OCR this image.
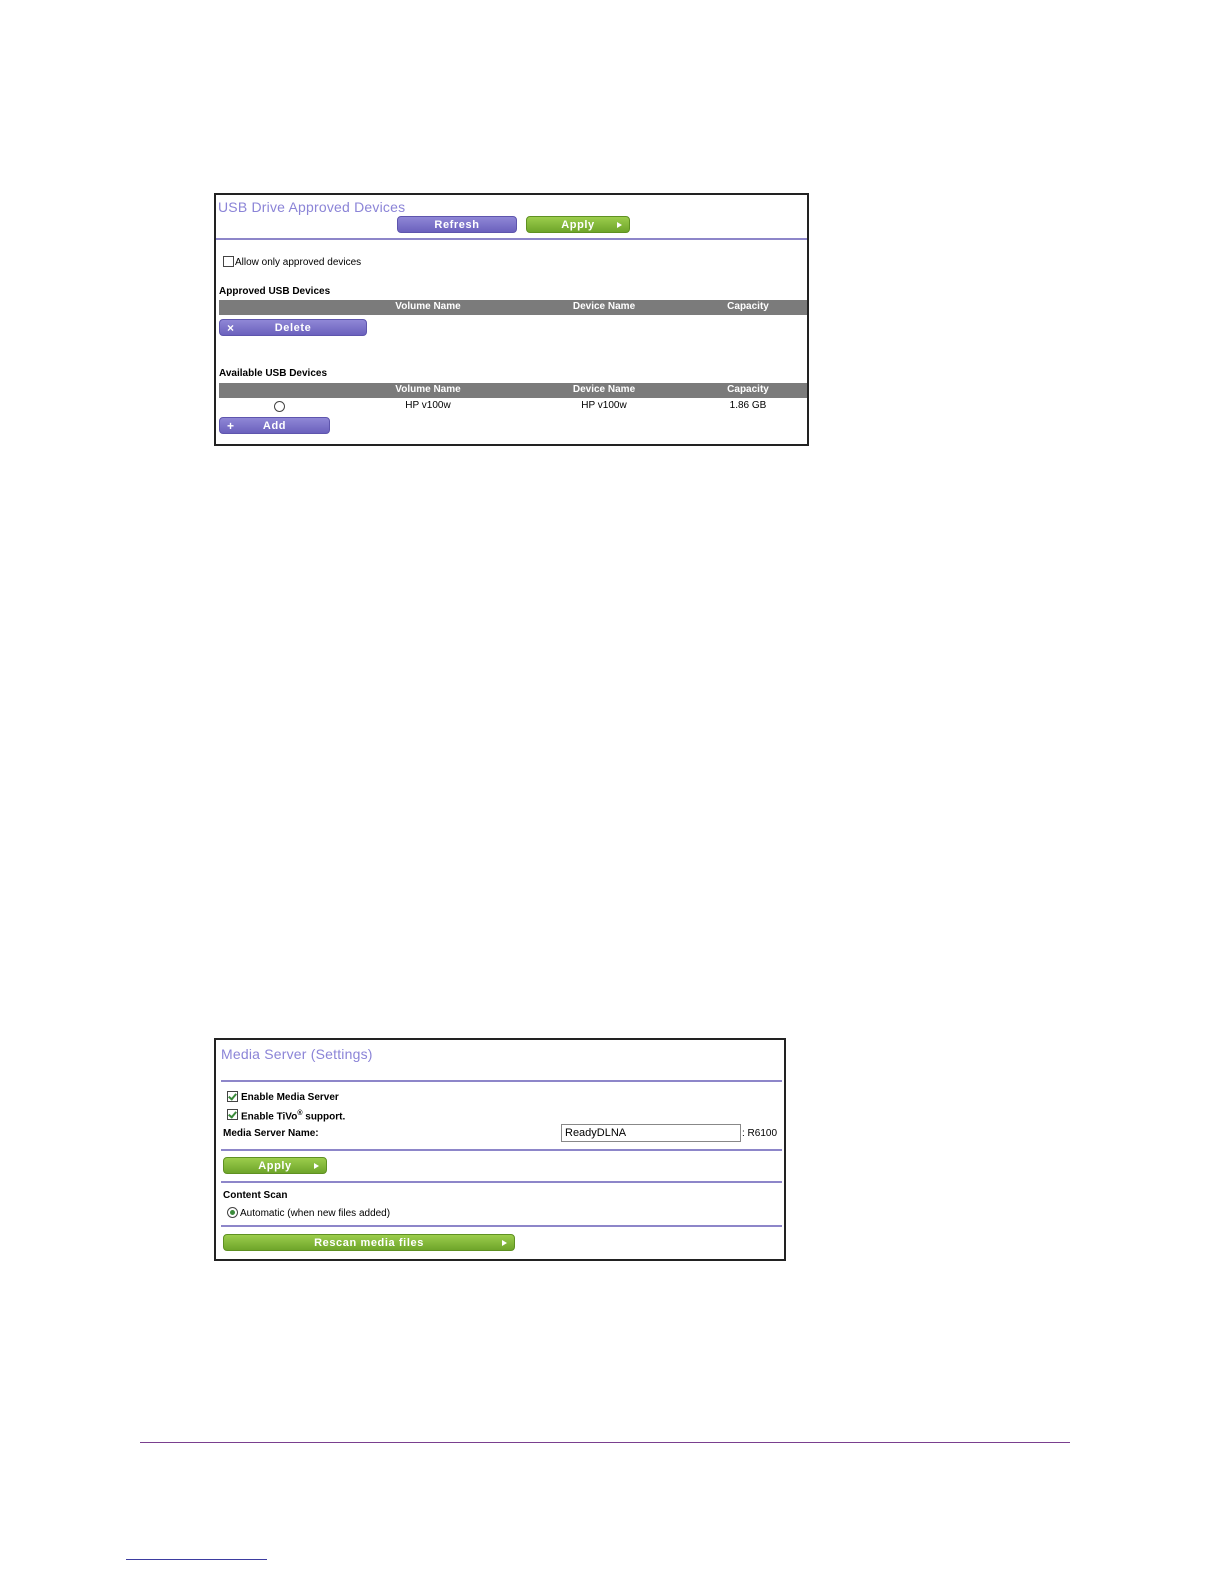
USB Drive Approved Devices
Refresh	Apply
Allow only approved devices
Approved USB Devices
Volume Name	Device Name	Capacity
×	Delete
Available USB Devices
Volume Name	Device Name	Capacity
HP v100w	HP v100w	1.86 GB
+	Add
Media Server (Settings)
Enable Media Server
Enable TiVo® support.
Media Server Name:
ReadyDLNA	: R6100
Apply
Content Scan
Automatic (when new files added)
Rescan media files
